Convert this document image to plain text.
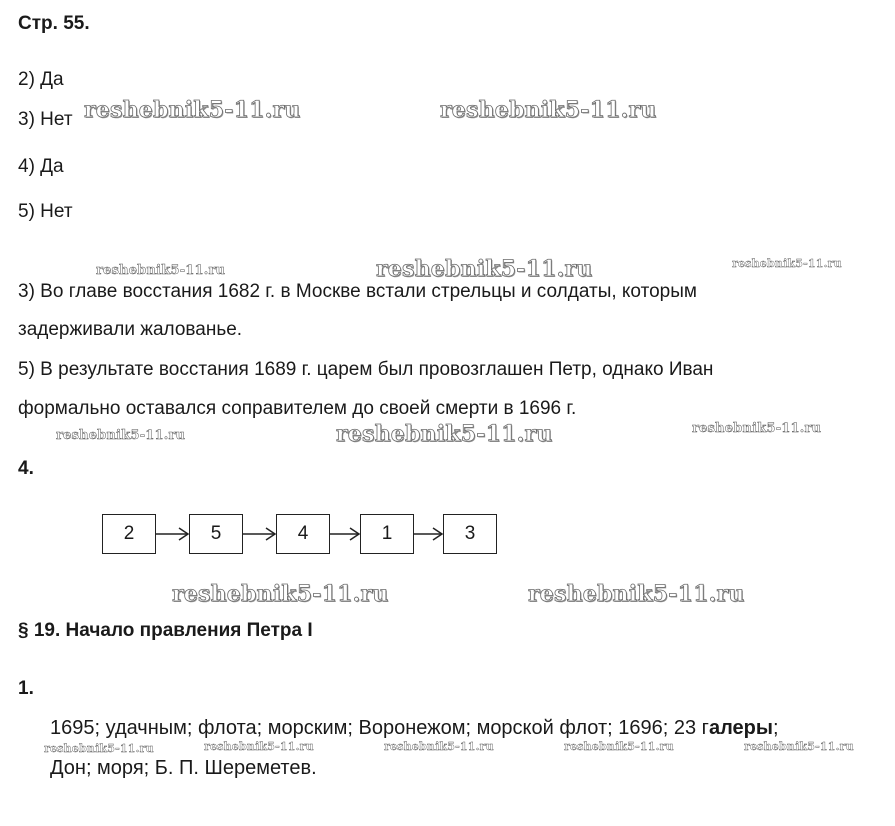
Стр. 55.
2) Да
3) Нет
4) Да
5) Нет
3) Во главе восстания 1682 г. в Москве встали стрельцы и солдаты, которым
задерживали жалованье.
5) В результате восстания 1689 г. царем был провозглашен Петр, однако Иван
формально оставался соправителем до своей смерти в 1696 г.
4.
2	5	4	1	3
§ 19. Начало правления Петра I
1.
1695; удачным; флота; морским; Воронежом; морской флот; 1696; 23 галеры;
Дон; моря; Б. П. Шереметев.
reshebnik5-11.ru	reshebnik5-11.ru
reshebnik5-11.ru	reshebnik5-11.ru	reshebnik5-11.ru
reshebnik5-11.ru	reshebnik5-11.ru	reshebnik5-11.ru
reshebnik5-11.ru	reshebnik5-11.ru
reshebnik5-11.ru	reshebnik5-11.ru	reshebnik5-11.ru	reshebnik5-11.ru	reshebnik5-11.ru
